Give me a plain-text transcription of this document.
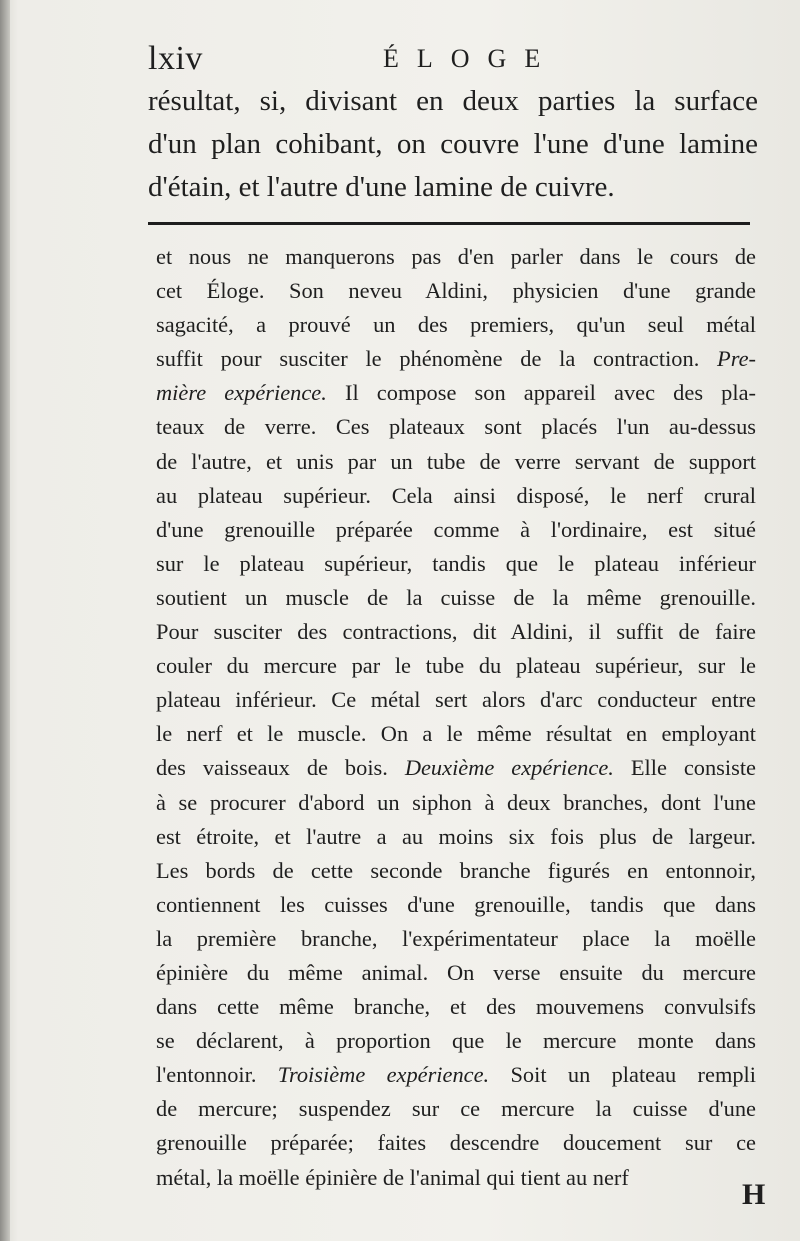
lxiv	ÉLOGE
résultat, si, divisant en deux parties la surface
d'un plan cohibant, on couvre l'une d'une lamine
d'étain, et l'autre d'une lamine de cuivre.
et nous ne manquerons pas d'en parler dans le cours de
cet Éloge. Son neveu Aldini, physicien d'une grande
sagacité, a prouvé un des premiers, qu'un seul métal
suffit pour susciter le phénomène de la contraction. Pre-
mière expérience. Il compose son appareil avec des pla-
teaux de verre. Ces plateaux sont placés l'un au-dessus
de l'autre, et unis par un tube de verre servant de support
au plateau supérieur. Cela ainsi disposé, le nerf crural
d'une grenouille préparée comme à l'ordinaire, est situé
sur le plateau supérieur, tandis que le plateau inférieur
soutient un muscle de la cuisse de la même grenouille.
Pour susciter des contractions, dit Aldini, il suffit de faire
couler du mercure par le tube du plateau supérieur, sur le
plateau inférieur. Ce métal sert alors d'arc conducteur entre
le nerf et le muscle. On a le même résultat en employant
des vaisseaux de bois. Deuxième expérience. Elle consiste
à se procurer d'abord un siphon à deux branches, dont l'une
est étroite, et l'autre a au moins six fois plus de largeur.
Les bords de cette seconde branche figurés en entonnoir,
contiennent les cuisses d'une grenouille, tandis que dans
la première branche, l'expérimentateur place la moëlle
épinière du même animal. On verse ensuite du mercure
dans cette même branche, et des mouvemens convulsifs
se déclarent, à proportion que le mercure monte dans
l'entonnoir. Troisième expérience. Soit un plateau rempli
de mercure; suspendez sur ce mercure la cuisse d'une
grenouille préparée; faites descendre doucement sur ce
métal, la moëlle épinière de l'animal qui tient au nerf
H
